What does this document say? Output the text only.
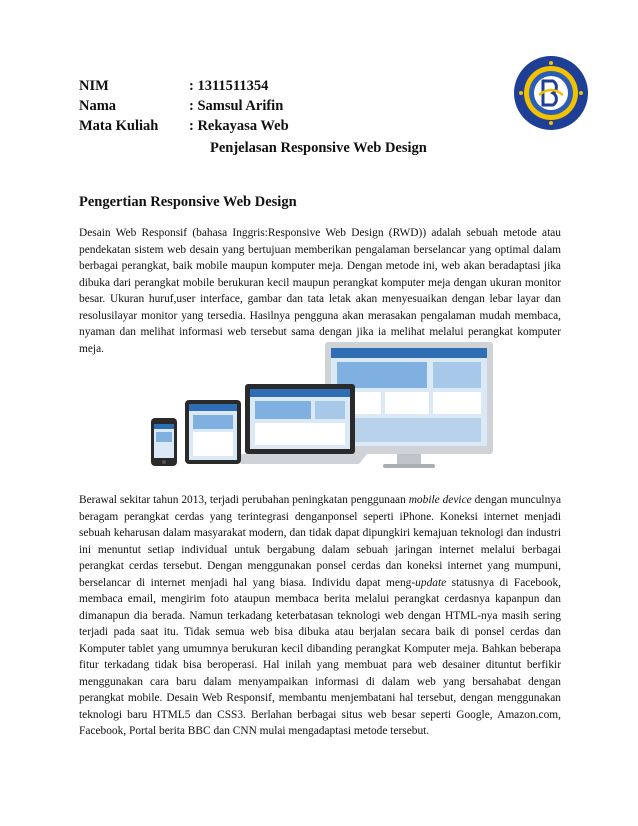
NIM	: 1311511354
Nama	: Samsul Arifin
Mata Kuliah	: Rekayasa Web
Penjelasan Responsive Web Design
Pengertian Responsive Web Design

Desain Web Responsif (bahasa Inggris:Responsive Web Design (RWD)) adalah sebuah metode atau pendekatan sistem web desain yang bertujuan memberikan pengalaman berselancar yang optimal dalam berbagai perangkat, baik mobile maupun komputer meja. Dengan metode ini, web akan beradaptasi jika dibuka dari perangkat mobile berukuran kecil maupun perangkat komputer meja dengan ukuran monitor besar. Ukuran huruf,user interface, gambar dan tata letak akan menyesuaikan dengan lebar layar dan resolusilayar monitor yang tersedia. Hasilnya pengguna akan merasakan pengalaman mudah membaca, nyaman dan melihat informasi web tersebut sama dengan jika ia melihat melalui perangkat komputer meja.

Berawal sekitar tahun 2013, terjadi perubahan peningkatan penggunaan mobile device dengan munculnya beragam perangkat cerdas yang terintegrasi denganponsel seperti iPhone. Koneksi internet menjadi sebuah keharusan dalam masyarakat modern, dan tidak dapat dipungkiri kemajuan teknologi dan industri ini menuntut setiap individual untuk bergabung dalam sebuah jaringan internet melalui berbagai perangkat cerdas tersebut. Dengan menggunakan ponsel cerdas dan koneksi internet yang mumpuni, berselancar di internet menjadi hal yang biasa. Individu dapat meng-update statusnya di Facebook, membaca email, mengirim foto ataupun membaca berita melalui perangkat cerdasnya kapanpun dan dimanapun dia berada. Namun terkadang keterbatasan teknologi web dengan HTML-nya masih sering terjadi pada saat itu. Tidak semua web bisa dibuka atau berjalan secara baik di ponsel cerdas dan Komputer tablet yang umumnya berukuran kecil dibanding perangkat Komputer meja. Bahkan beberapa fitur terkadang tidak bisa beroperasi. Hal inilah yang membuat para web desainer dituntut berfikir menggunakan cara baru dalam menyampaikan informasi di dalam web yang bersahabat dengan perangkat mobile. Desain Web Responsif, membantu menjembatani hal tersebut, dengan menggunakan teknologi baru HTML5 dan CSS3. Berlahan berbagai situs web besar seperti Google, Amazon.com, Facebook, Portal berita BBC dan CNN mulai mengadaptasi metode tersebut.
